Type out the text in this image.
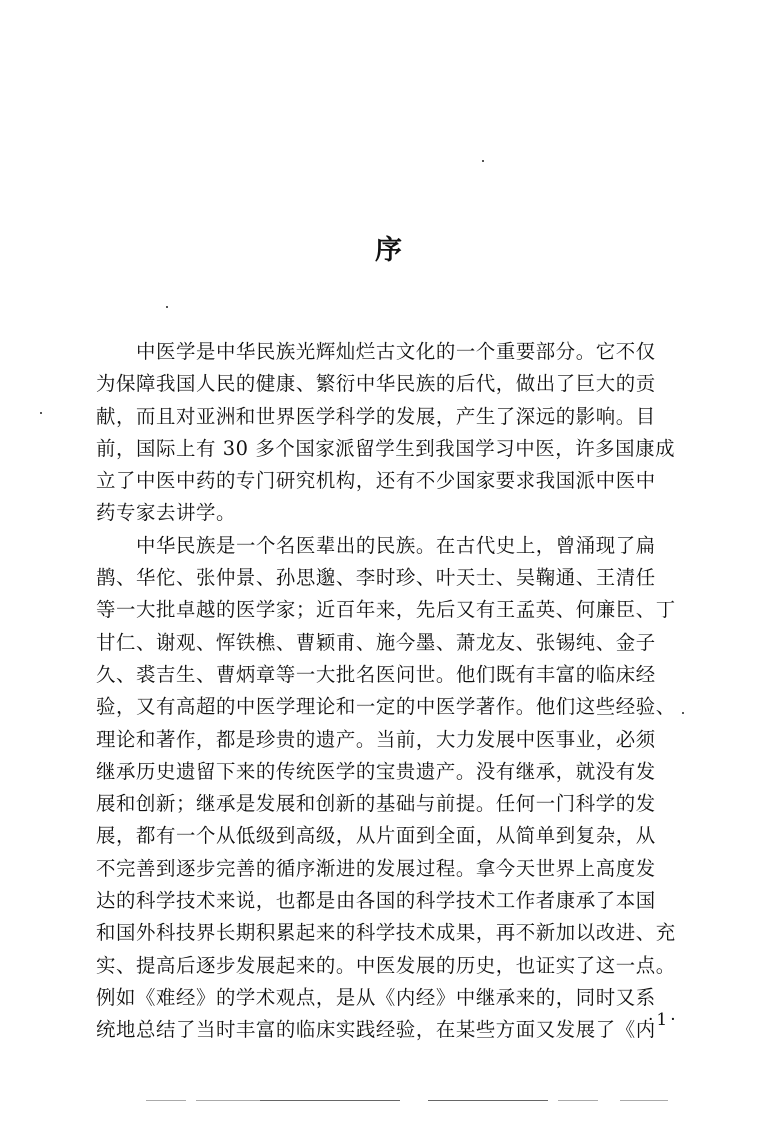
序
中医学是中华民族光辉灿烂古文化的一个重要部分。它不仅
为保障我国人民的健康、繁衍中华民族的后代，做出了巨大的贡
献，而且对亚洲和世界医学科学的发展，产生了深远的影响。目
前，国际上有 30 多个国家派留学生到我国学习中医，许多国康成
立了中医中药的专门研究机构，还有不少国家要求我国派中医中
药专家去讲学。
中华民族是一个名医辈出的民族。在古代史上，曾涌现了扁
鹊、华佗、张仲景、孙思邈、李时珍、叶天士、吴鞠通、王清任
等一大批卓越的医学家；近百年来，先后又有王孟英、何廉臣、丁
甘仁、谢观、恽铁樵、曹颖甫、施今墨、萧龙友、张锡纯、金子
久、裘吉生、曹炳章等一大批名医问世。他们既有丰富的临床经
验，又有高超的中医学理论和一定的中医学著作。他们这些经验、
理论和著作，都是珍贵的遗产。当前，大力发展中医事业，必须
继承历史遗留下来的传统医学的宝贵遗产。没有继承，就没有发
展和创新；继承是发展和创新的基础与前提。任何一门科学的发
展，都有一个从低级到高级，从片面到全面，从简单到复杂，从
不完善到逐步完善的循序渐进的发展过程。拿今天世界上高度发
达的科学技术来说，也都是由各国的科学技术工作者康承了本国
和国外科技界长期积累起来的科学技术成果，再不新加以改进、充
实、提高后逐步发展起来的。中医发展的历史，也证实了这一点。
例如《难经》的学术观点，是从《内经》中继承来的，同时又系
统地总结了当时丰富的临床实践经验，在某些方面又发展了《内
·1·
